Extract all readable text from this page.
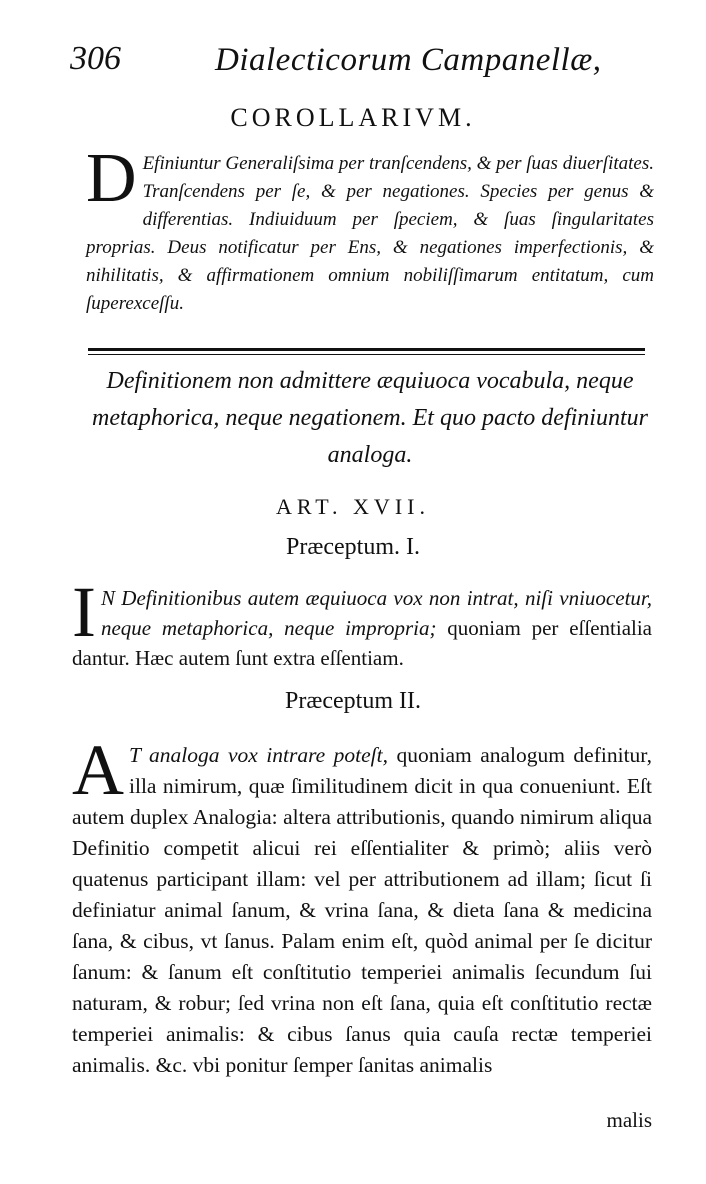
306	Dialecticorum Campanellæ,
COROLLARIVM.
D Efiniuntur Generaliſsima per tranſcendens, & per ſuas diuerſitates. Tranſcendens per ſe, & per negationes. Species per genus & differentias. Indiuiduum per ſpeciem, & ſuas ſingularitates proprias. Deus notificatur per Ens, & negationes imperfectionis, & nihilitatis, & affirmationem omnium nobiliſſimarum entitatum, cum ſuperexceſſu.
Definitionem non admittere æquiuoca vocabula, neque metaphorica, neque negationem. Et quo pacto definiuntur analoga.
ART. XVII.
Præceptum. I.
I N Definitionibus autem æquiuoca vox non intrat, niſi vniuocetur, neque metaphorica, neque impropria; quoniam per eſſentialia dantur. Hæc autem ſunt extra eſſentiam.
Præceptum II.
A T analoga vox intrare poteſt, quoniam analogum definitur, illa nimirum, quæ ſimilitudinem dicit in qua conueniunt. Eſt autem duplex Analogia: altera attributionis, quando nimirum aliqua Definitio competit alicui rei eſſentialiter & primò; aliis verò quatenus participant illam: vel per attributionem ad illam; ſicut ſi definiatur animal ſanum, & vrina ſana, & dieta ſana & medicina ſana, & cibus, vt ſanus. Palam enim eſt, quòd animal per ſe dicitur ſanum: & ſanum eſt conſtitutio temperiei animalis ſecundum ſui naturam, & robur; ſed vrina non eſt ſana, quia eſt conſtitutio rectæ temperiei animalis: & cibus ſanus quia cauſa rectæ temperiei animalis. &c. vbi ponitur ſemper ſanitas animalis
malis
